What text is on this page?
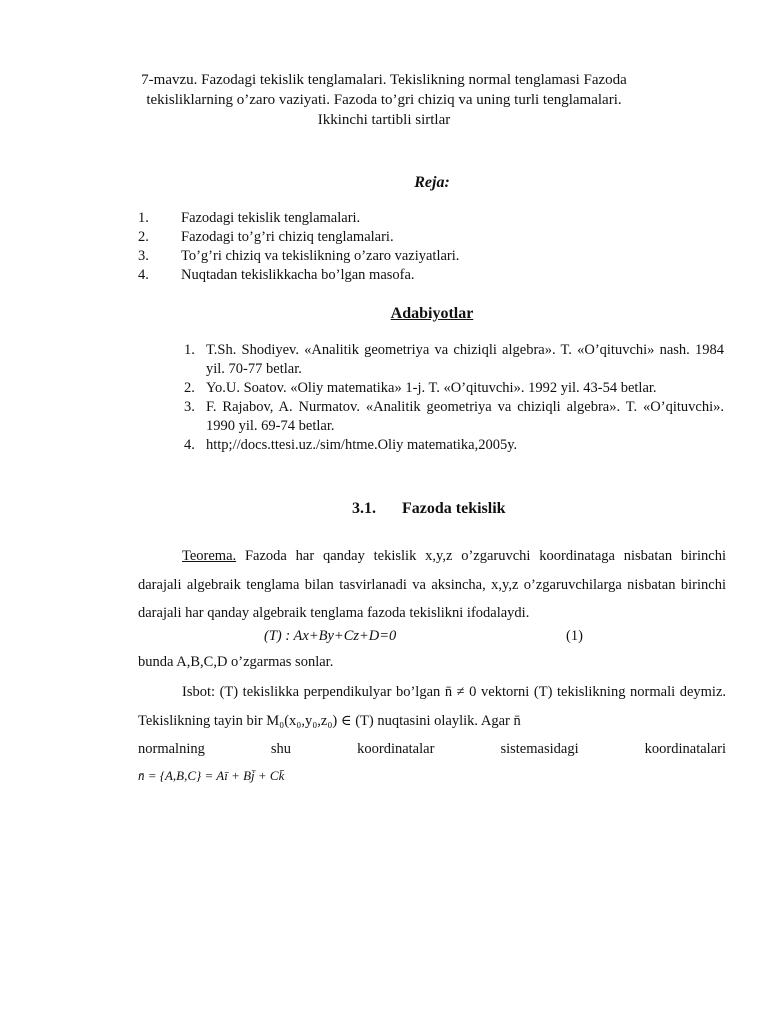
7-mavzu. Fazodagi tekislik tenglamalari. Tekislikning normal tenglamasi Fazoda
tekisliklarning o’zaro vaziyati. Fazoda to’gri chiziq va uning turli tenglamalari.
Ikkinchi tartibli sirtlar
Reja:
1.	Fazodagi tekislik tenglamalari.
2.	Fazodagi to’g’ri chiziq tenglamalari.
3.	To’g’ri chiziq va tekislikning o’zaro vaziyatlari.
4.	Nuqtadan tekislikkacha bo’lgan masofa.
Adabiyotlar
1. T.Sh. Shodiyev. «Analitik geometriya va chiziqli algebra». T. «O’qituvchi» nash. 1984 yil. 70-77 betlar.
2. Yo.U. Soatov. «Oliy matematika» 1-j. T. «O’qituvchi». 1992 yil. 43-54 betlar.
3. F. Rajabov, A. Nurmatov. «Analitik geometriya va chiziqli algebra». T. «O’qituvchi». 1990 yil. 69-74 betlar.
4. http;//docs.ttesi.uz./sim/htme.Oliy matematika,2005y.
3.1. Fazoda tekislik
Teorema. Fazoda har qanday tekislik x,y,z o’zgaruvchi koordinataga nisbatan birinchi darajali algebraik tenglama bilan tasvirlanadi va aksincha, x,y,z o’zgaruvchilarga nisbatan birinchi darajali har qanday algebraik tenglama fazoda tekislikni ifodalaydi.
(T) : Ax+By+Cz+D=0	(1)
bunda A,B,C,D o’zgarmas sonlar.
Isbot: (T) tekislikka perpendikulyar bo’lgan n̄ ≠ 0 vektorni (T) tekislikning normali deymiz. Tekislikning tayin bir M₀(x₀,y₀,z₀) ∈ (T) nuqtasini olaylik. Agar n̄
normalning	shu	koordinatalar	sistemasidagi	koordinatalari
n̄ = {A,B,C} = Aī + Bj̄ + Ck̄
